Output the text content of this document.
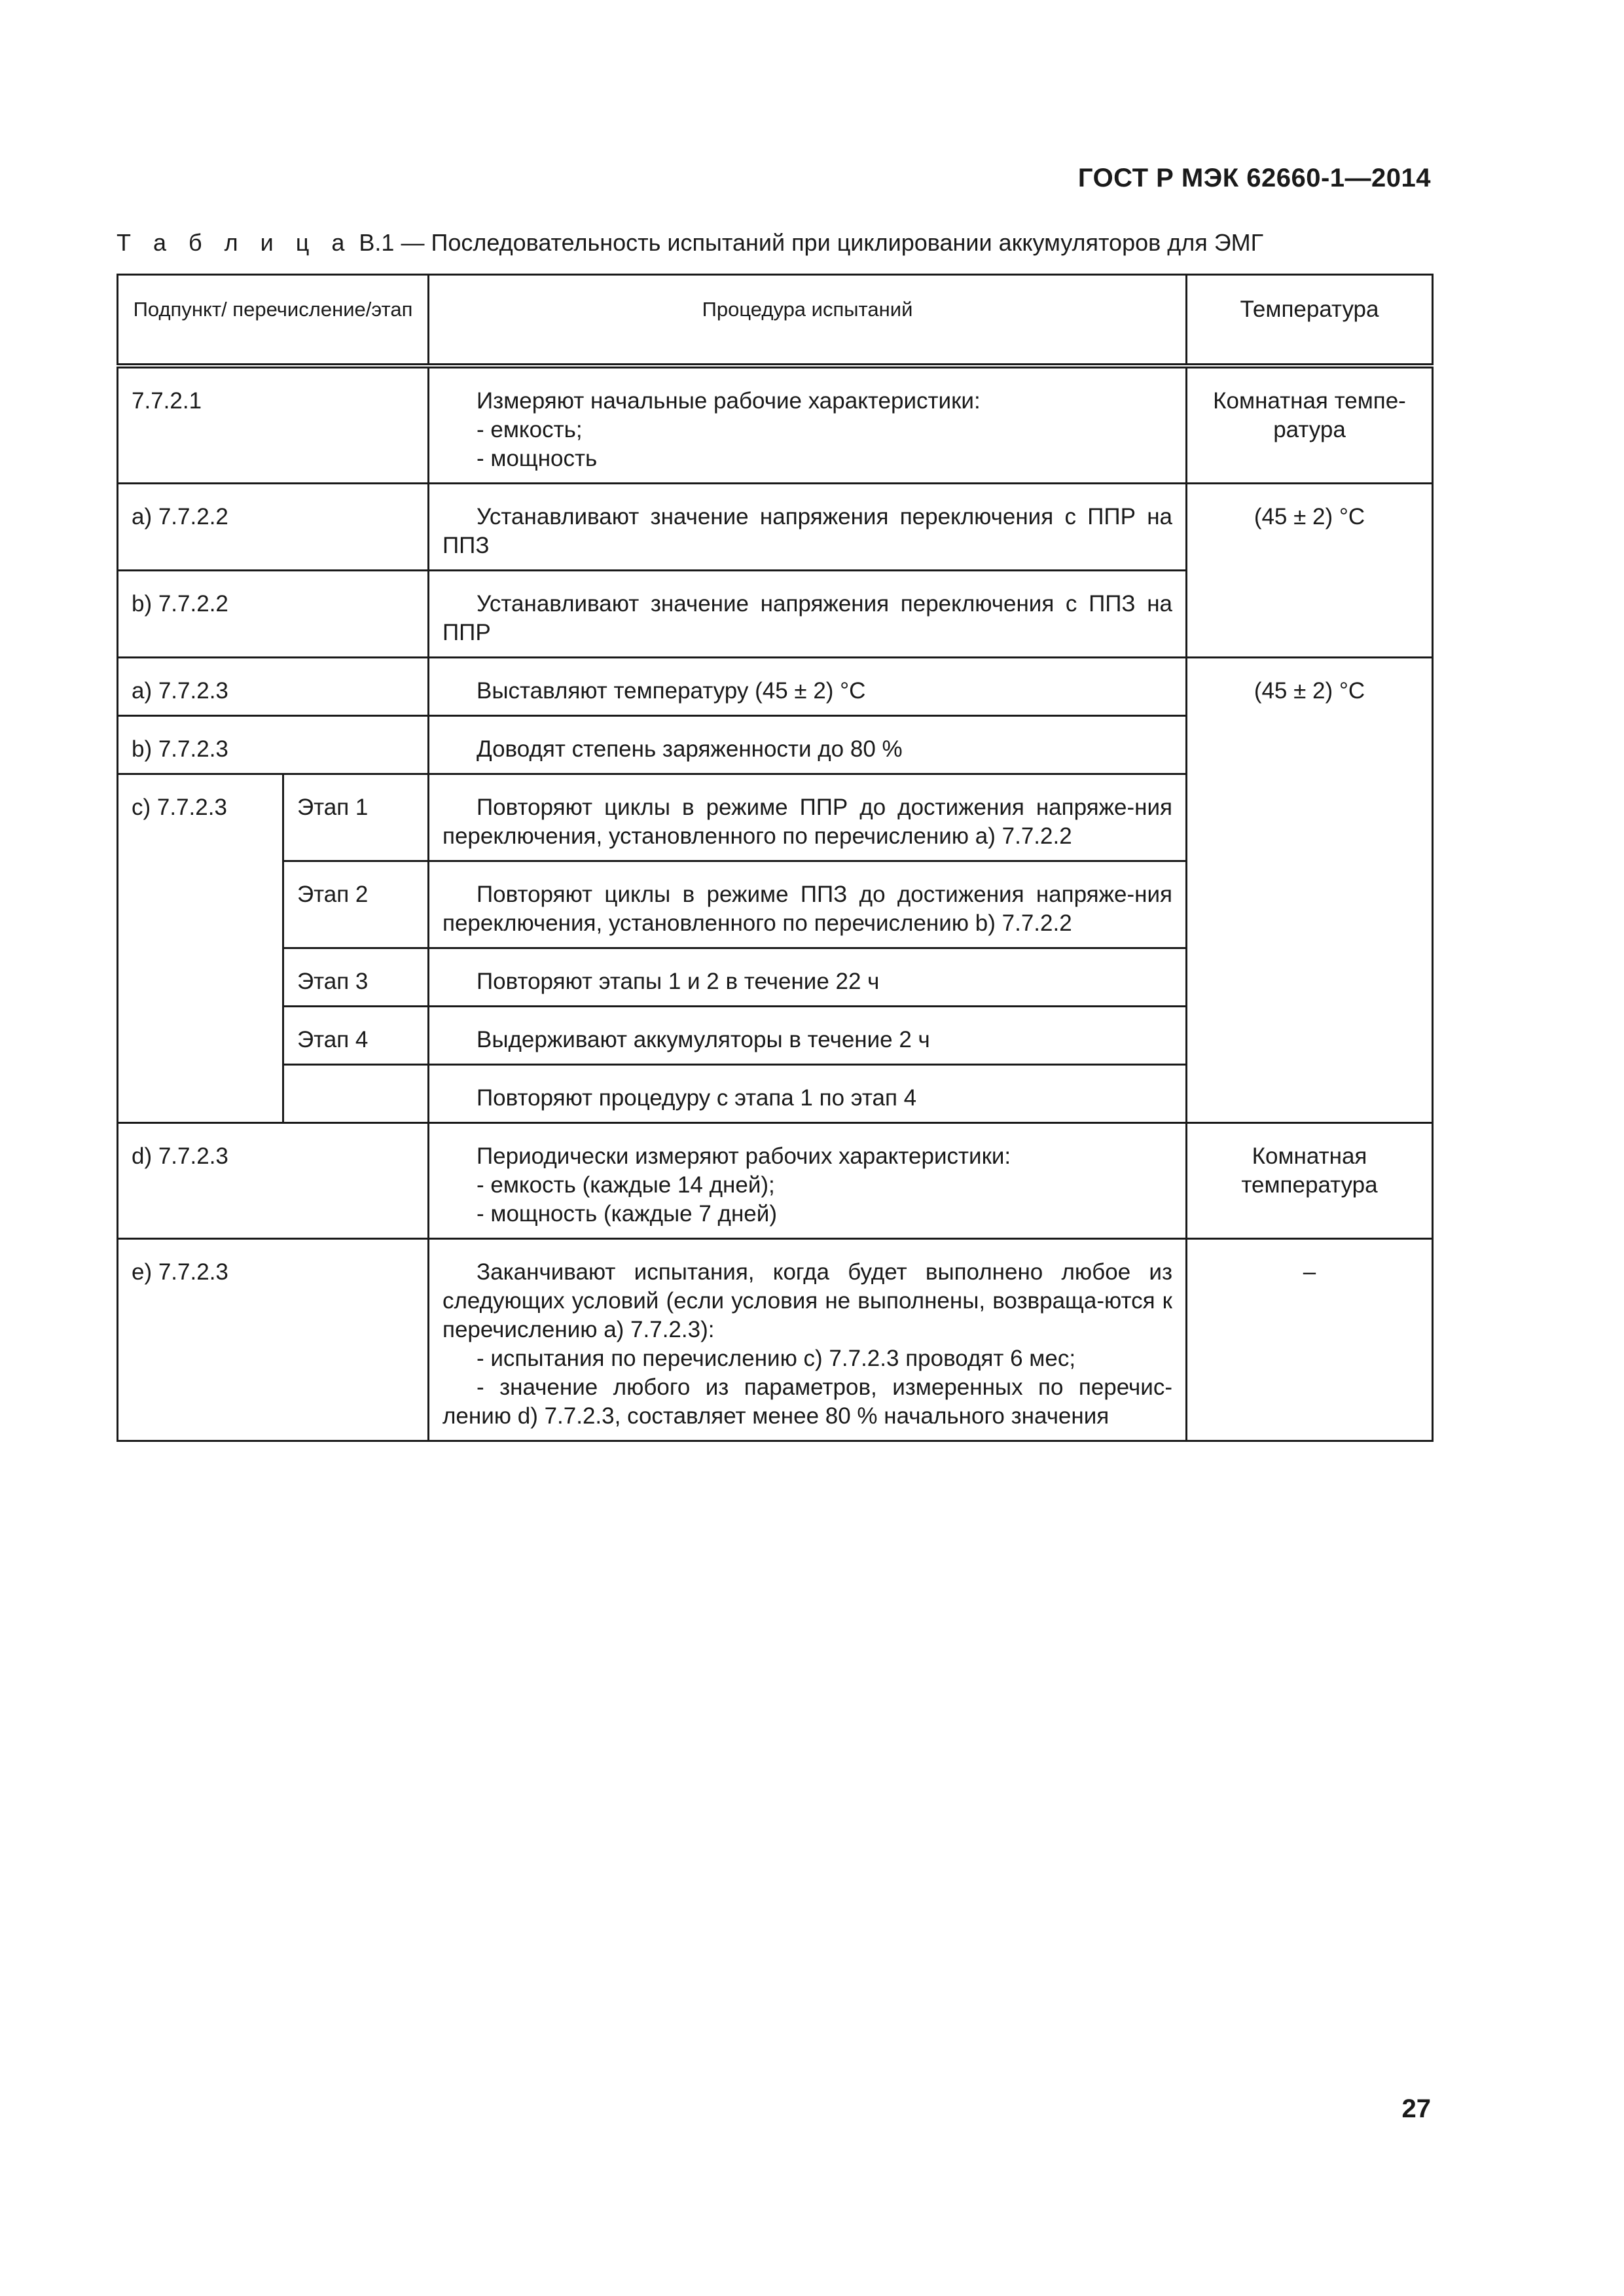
ГОСТ Р МЭК 62660-1—2014
Т а б л и ц а В.1 — Последовательность испытаний при циклировании аккумуляторов для ЭМГ
Подпункт/ перечисление/этап		Процедура испытаний	Температура
7.7.2.1		Измеряют начальные рабочие характеристики:

- емкость;

- мощность	Комнатная темпе-ратура
a) 7.7.2.2		Устанавливают значение напряжения переключения с ППР на ППЗ	(45 ± 2) °С
b) 7.7.2.2		Устанавливают значение напряжения переключения с ППЗ на ППР	

a) 7.7.2.3		Выставляют температуру (45 ± 2) °С	(45 ± 2) °С
b) 7.7.2.3		Доводят степень заряженности до 80 %	

c) 7.7.2.3	Этап 1	Повторяют циклы в режиме ППР до достижения напряже-ния переключения, установленного по перечислению a) 7.7.2.2	

	Этап 2	Повторяют циклы в режиме ППЗ до достижения напряже-ния переключения, установленного по перечислению b) 7.7.2.2	

	Этап 3	Повторяют этапы 1 и 2 в течение 22 ч	

	Этап 4	Выдерживают аккумуляторы в течение 2 ч	

		Повторяют процедуру с этапа 1 по этап 4	

d) 7.7.2.3		Периодически измеряют рабочих характеристики:

- емкость (каждые 14 дней);

- мощность (каждые 7 дней)	Комнатная температура
e) 7.7.2.3		Заканчивают испытания, когда будет выполнено любое из следующих условий (если условия не выполнены, возвраща-ются к перечислению a) 7.7.2.3):

- испытания по перечислению c) 7.7.2.3 проводят 6 мес;

- значение любого из параметров, измеренных по перечис-лению d) 7.7.2.3, составляет менее 80 % начального значения	–
27
